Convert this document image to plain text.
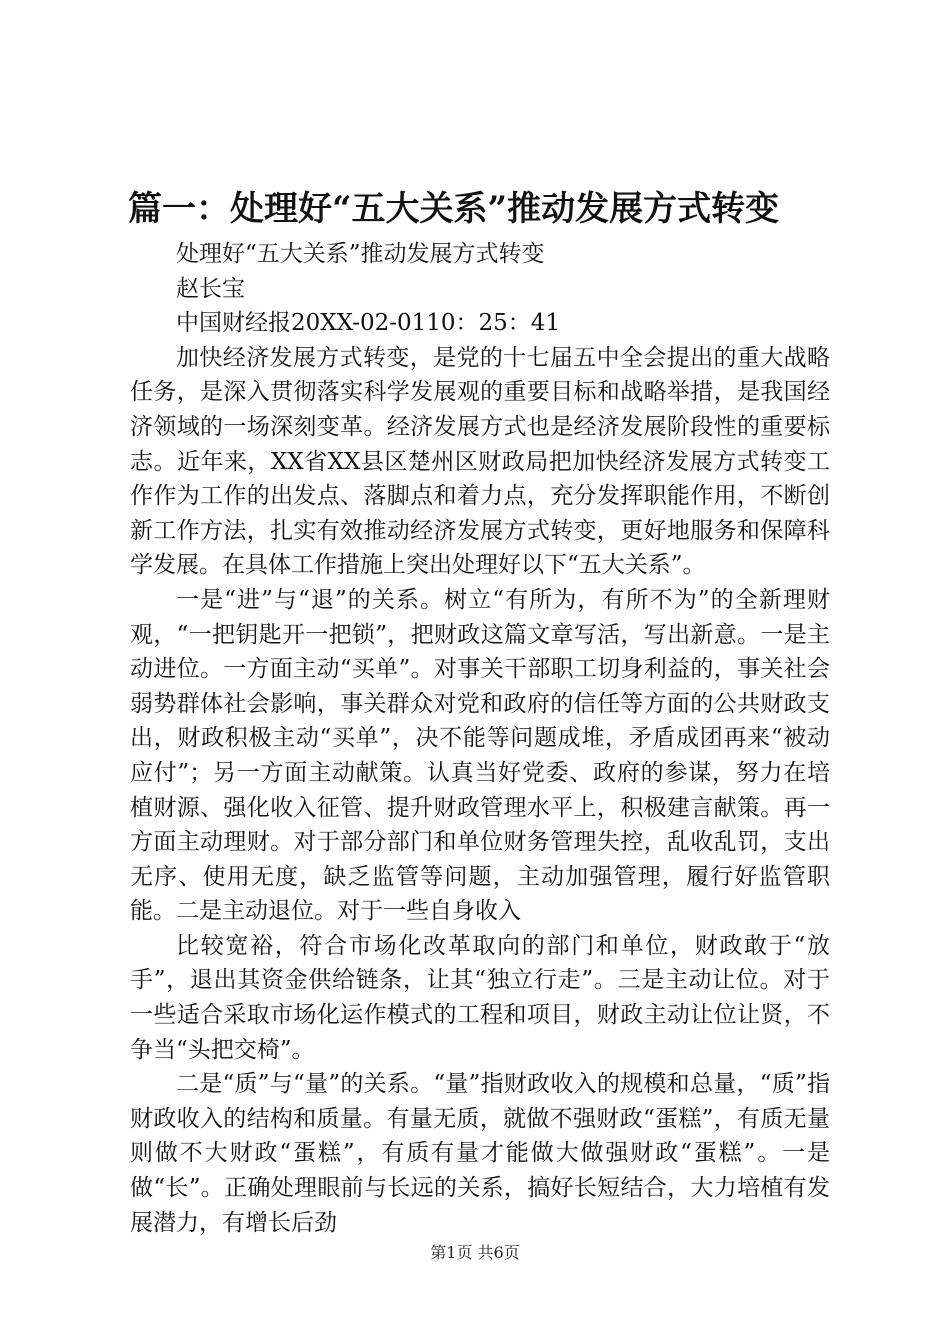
篇一：处理好“五大关系”推动发展方式转变

处理好“五大关系”推动发展方式转变

赵长宝

中国财经报20XX-02-0110：25：41

加快经济发展方式转变，是党的十七届五中全会提出的重大战略任务，是深入贯彻落实科学发展观的重要目标和战略举措，是我国经济领域的一场深刻变革。经济发展方式也是经济发展阶段性的重要标志。近年来，XX省XX县区楚州区财政局把加快经济发展方式转变工作作为工作的出发点、落脚点和着力点，充分发挥职能作用，不断创新工作方法，扎实有效推动经济发展方式转变，更好地服务和保障科学发展。在具体工作措施上突出处理好以下“五大关系”。

一是“进”与“退”的关系。树立“有所为，有所不为”的全新理财观，“一把钥匙开一把锁”，把财政这篇文章写活，写出新意。一是主动进位。一方面主动“买单”。对事关干部职工切身利益的，事关社会弱势群体社会影响，事关群众对党和政府的信任等方面的公共财政支出，财政积极主动“买单”，决不能等问题成堆，矛盾成团再来“被动应付”；另一方面主动献策。认真当好党委、政府的参谋，努力在培植财源、强化收入征管、提升财政管理水平上，积极建言献策。再一方面主动理财。对于部分部门和单位财务管理失控，乱收乱罚，支出无序、使用无度，缺乏监管等问题，主动加强管理，履行好监管职能。二是主动退位。对于一些自身收入

比较宽裕，符合市场化改革取向的部门和单位，财政敢于“放手”，退出其资金供给链条，让其“独立行走”。三是主动让位。对于一些适合采取市场化运作模式的工程和项目，财政主动让位让贤，不争当“头把交椅”。

二是“质”与“量”的关系。“量”指财政收入的规模和总量，“质”指财政收入的结构和质量。有量无质，就做不强财政“蛋糕”，有质无量则做不大财政“蛋糕”，有质有量才能做大做强财政“蛋糕”。一是做“长”。正确处理眼前与长远的关系，搞好长短结合，大力培植有发展潜力，有增长后劲

第1页 共6页
